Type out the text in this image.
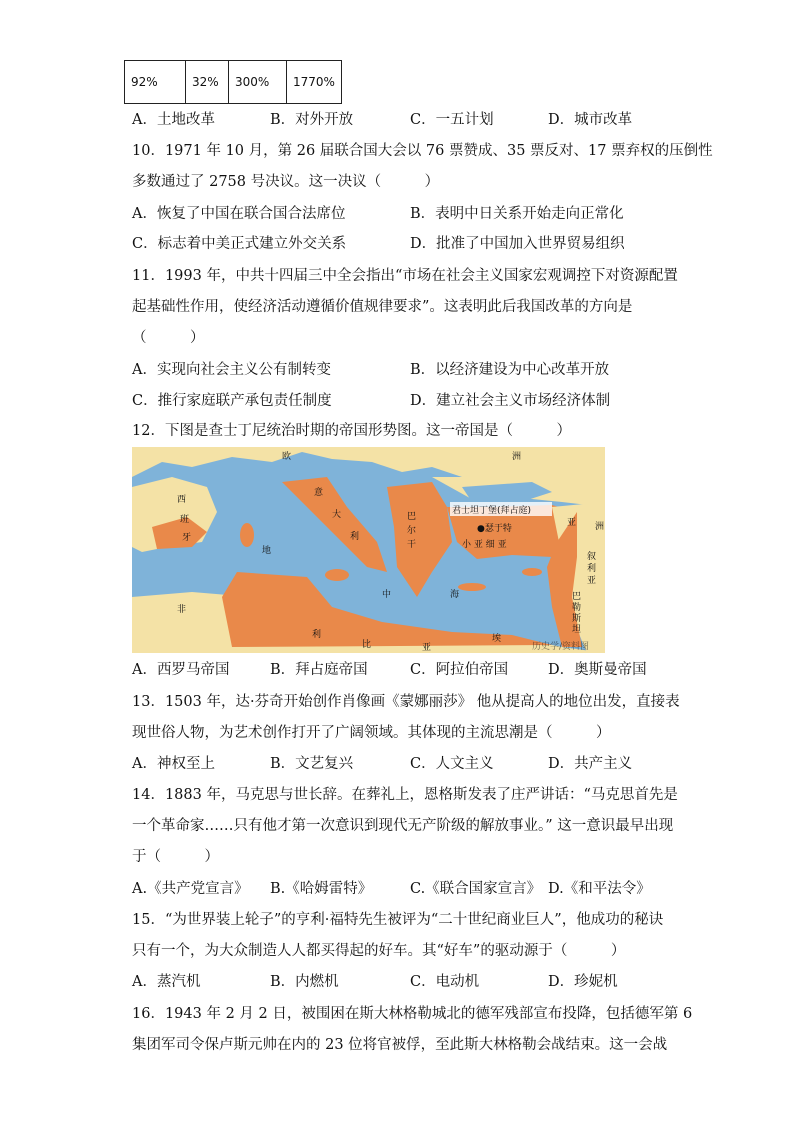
92%	32%	300%	1770%
A．土地改革	B．对外开放	C．一五计划	D．城市改革
10．1971 年 10 月，第 26 届联合国大会以 76 票赞成、35 票反对、17 票弃权的压倒性
多数通过了 2758 号决议。这一决议（　　　）
A．恢复了中国在联合国合法席位	B．表明中日关系开始走向正常化
C．标志着中美正式建立外交关系	D．批准了中国加入世界贸易组织
11．1993 年，中共十四届三中全会指出“市场在社会主义国家宏观调控下对资源配置
起基础性作用，使经济活动遵循价值规律要求”。这表明此后我国改革的方向是
（　　　）
A．实现向社会主义公有制转变	B．以经济建设为中心改革开放
C．推行家庭联产承包责任制度	D．建立社会主义市场经济体制
12．下图是查士丁尼统治时期的帝国形势图。这一帝国是（　　　）
欧	洲
亚 洲
西
班
牙
意
大
利
巴
尔
干
君士坦丁堡(拜占庭)
●瑟于特
小 亚 细 亚
叙
利
亚
巴
勒
斯
坦
地
中	海
非
利
比	亚
埃
历史学/资料图
A．西罗马帝国	B．拜占庭帝国	C．阿拉伯帝国	D．奥斯曼帝国
13．1503 年，达·芬奇开始创作肖像画《蒙娜丽莎》 他从提高人的地位出发，直接表
现世俗人物，为艺术创作打开了广阔领域。其体现的主流思潮是（　　　）
A．神权至上	B．文艺复兴	C．人文主义	D．共产主义
14．1883 年，马克思与世长辞。在葬礼上，恩格斯发表了庄严讲话：“马克思首先是
一个革命家……只有他才第一次意识到现代无产阶级的解放事业。” 这一意识最早出现
于（　　　）
A.《共产党宣言》 B.《哈姆雷特》	C.《联合国家宣言》 D.《和平法令》
15．“为世界装上轮子”的亨利·福特先生被评为“二十世纪商业巨人”，他成功的秘诀
只有一个，为大众制造人人都买得起的好车。其“好车”的驱动源于（　　　）
A．蒸汽机	B．内燃机	C．电动机	D．珍妮机
16．1943 年 2 月 2 日，被围困在斯大林格勒城北的德军残部宣布投降，包括德军第 6
集团军司令保卢斯元帅在内的 23 位将官被俘，至此斯大林格勒会战结束。这一会战
